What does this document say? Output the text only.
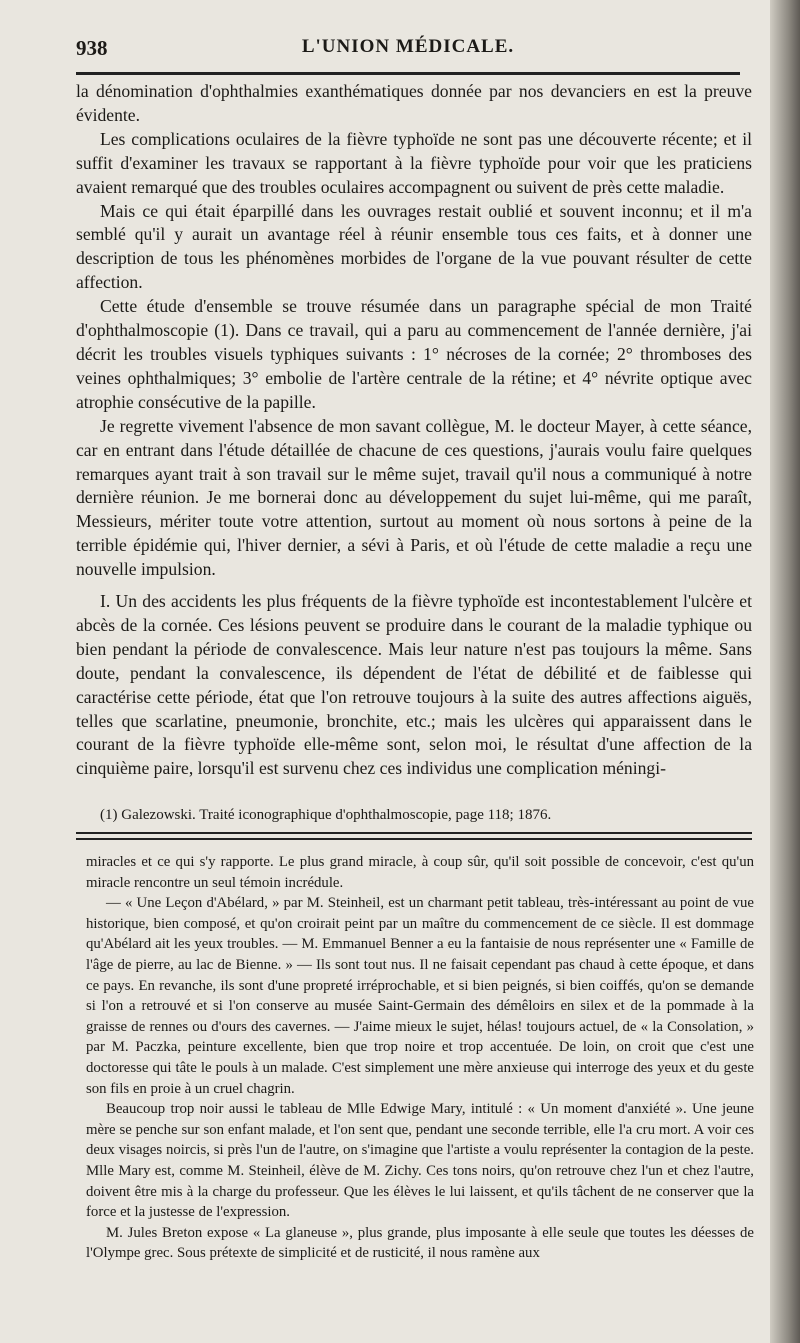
938	L'UNION MÉDICALE.

la dénomination d'ophthalmies exanthématiques donnée par nos devanciers en est la preuve évidente.

Les complications oculaires de la fièvre typhoïde ne sont pas une découverte récente; et il suffit d'examiner les travaux se rapportant à la fièvre typhoïde pour voir que les praticiens avaient remarqué que des troubles oculaires accompagnent ou suivent de près cette maladie.

Mais ce qui était éparpillé dans les ouvrages restait oublié et souvent inconnu; et il m'a semblé qu'il y aurait un avantage réel à réunir ensemble tous ces faits, et à donner une description de tous les phénomènes morbides de l'organe de la vue pouvant résulter de cette affection.

Cette étude d'ensemble se trouve résumée dans un paragraphe spécial de mon Traité d'ophthalmoscopie (1). Dans ce travail, qui a paru au commencement de l'année dernière, j'ai décrit les troubles visuels typhiques suivants : 1° nécroses de la cornée; 2° thromboses des veines ophthalmiques; 3° embolie de l'artère centrale de la rétine; et 4° névrite optique avec atrophie consécutive de la papille.

Je regrette vivement l'absence de mon savant collègue, M. le docteur Mayer, à cette séance, car en entrant dans l'étude détaillée de chacune de ces questions, j'aurais voulu faire quelques remarques ayant trait à son travail sur le même sujet, travail qu'il nous a communiqué à notre dernière réunion. Je me bornerai donc au développement du sujet lui-même, qui me paraît, Messieurs, mériter toute votre attention, surtout au moment où nous sortons à peine de la terrible épidémie qui, l'hiver dernier, a sévi à Paris, et où l'étude de cette maladie a reçu une nouvelle impulsion.

I. Un des accidents les plus fréquents de la fièvre typhoïde est incontestablement l'ulcère et abcès de la cornée. Ces lésions peuvent se produire dans le courant de la maladie typhique ou bien pendant la période de convalescence. Mais leur nature n'est pas toujours la même. Sans doute, pendant la convalescence, ils dépendent de l'état de débilité et de faiblesse qui caractérise cette période, état que l'on retrouve toujours à la suite des autres affections aiguës, telles que scarlatine, pneumonie, bronchite, etc.; mais les ulcères qui apparaissent dans le courant de la fièvre typhoïde elle-même sont, selon moi, le résultat d'une affection de la cinquième paire, lorsqu'il est survenu chez ces individus une complication méningi-

(1) Galezowski. Traité iconographique d'ophthalmoscopie, page 118; 1876.

miracles et ce qui s'y rapporte. Le plus grand miracle, à coup sûr, qu'il soit possible de concevoir, c'est qu'un miracle rencontre un seul témoin incrédule.

— « Une Leçon d'Abélard, » par M. Steinheil, est un charmant petit tableau, très-intéressant au point de vue historique, bien composé, et qu'on croirait peint par un maître du commencement de ce siècle. Il est dommage qu'Abélard ait les yeux troubles. — M. Emmanuel Benner a eu la fantaisie de nous représenter une « Famille de l'âge de pierre, au lac de Bienne. » — Ils sont tout nus. Il ne faisait cependant pas chaud à cette époque, et dans ce pays. En revanche, ils sont d'une propreté irréprochable, et si bien peignés, si bien coiffés, qu'on se demande si l'on a retrouvé et si l'on conserve au musée Saint-Germain des démêloirs en silex et de la pommade à la graisse de rennes ou d'ours des cavernes. — J'aime mieux le sujet, hélas! toujours actuel, de « la Consolation, » par M. Paczka, peinture excellente, bien que trop noire et trop accentuée. De loin, on croit que c'est une doctoresse qui tâte le pouls à un malade. C'est simplement une mère anxieuse qui interroge des yeux et du geste son fils en proie à un cruel chagrin.

Beaucoup trop noir aussi le tableau de Mlle Edwige Mary, intitulé : « Un moment d'anxiété ». Une jeune mère se penche sur son enfant malade, et l'on sent que, pendant une seconde terrible, elle l'a cru mort. A voir ces deux visages noircis, si près l'un de l'autre, on s'imagine que l'artiste a voulu représenter la contagion de la peste. Mlle Mary est, comme M. Steinheil, élève de M. Zichy. Ces tons noirs, qu'on retrouve chez l'un et chez l'autre, doivent être mis à la charge du professeur. Que les élèves le lui laissent, et qu'ils tâchent de ne conserver que la force et la justesse de l'expression.

M. Jules Breton expose « La glaneuse », plus grande, plus imposante à elle seule que toutes les déesses de l'Olympe grec. Sous prétexte de simplicité et de rusticité, il nous ramène aux
